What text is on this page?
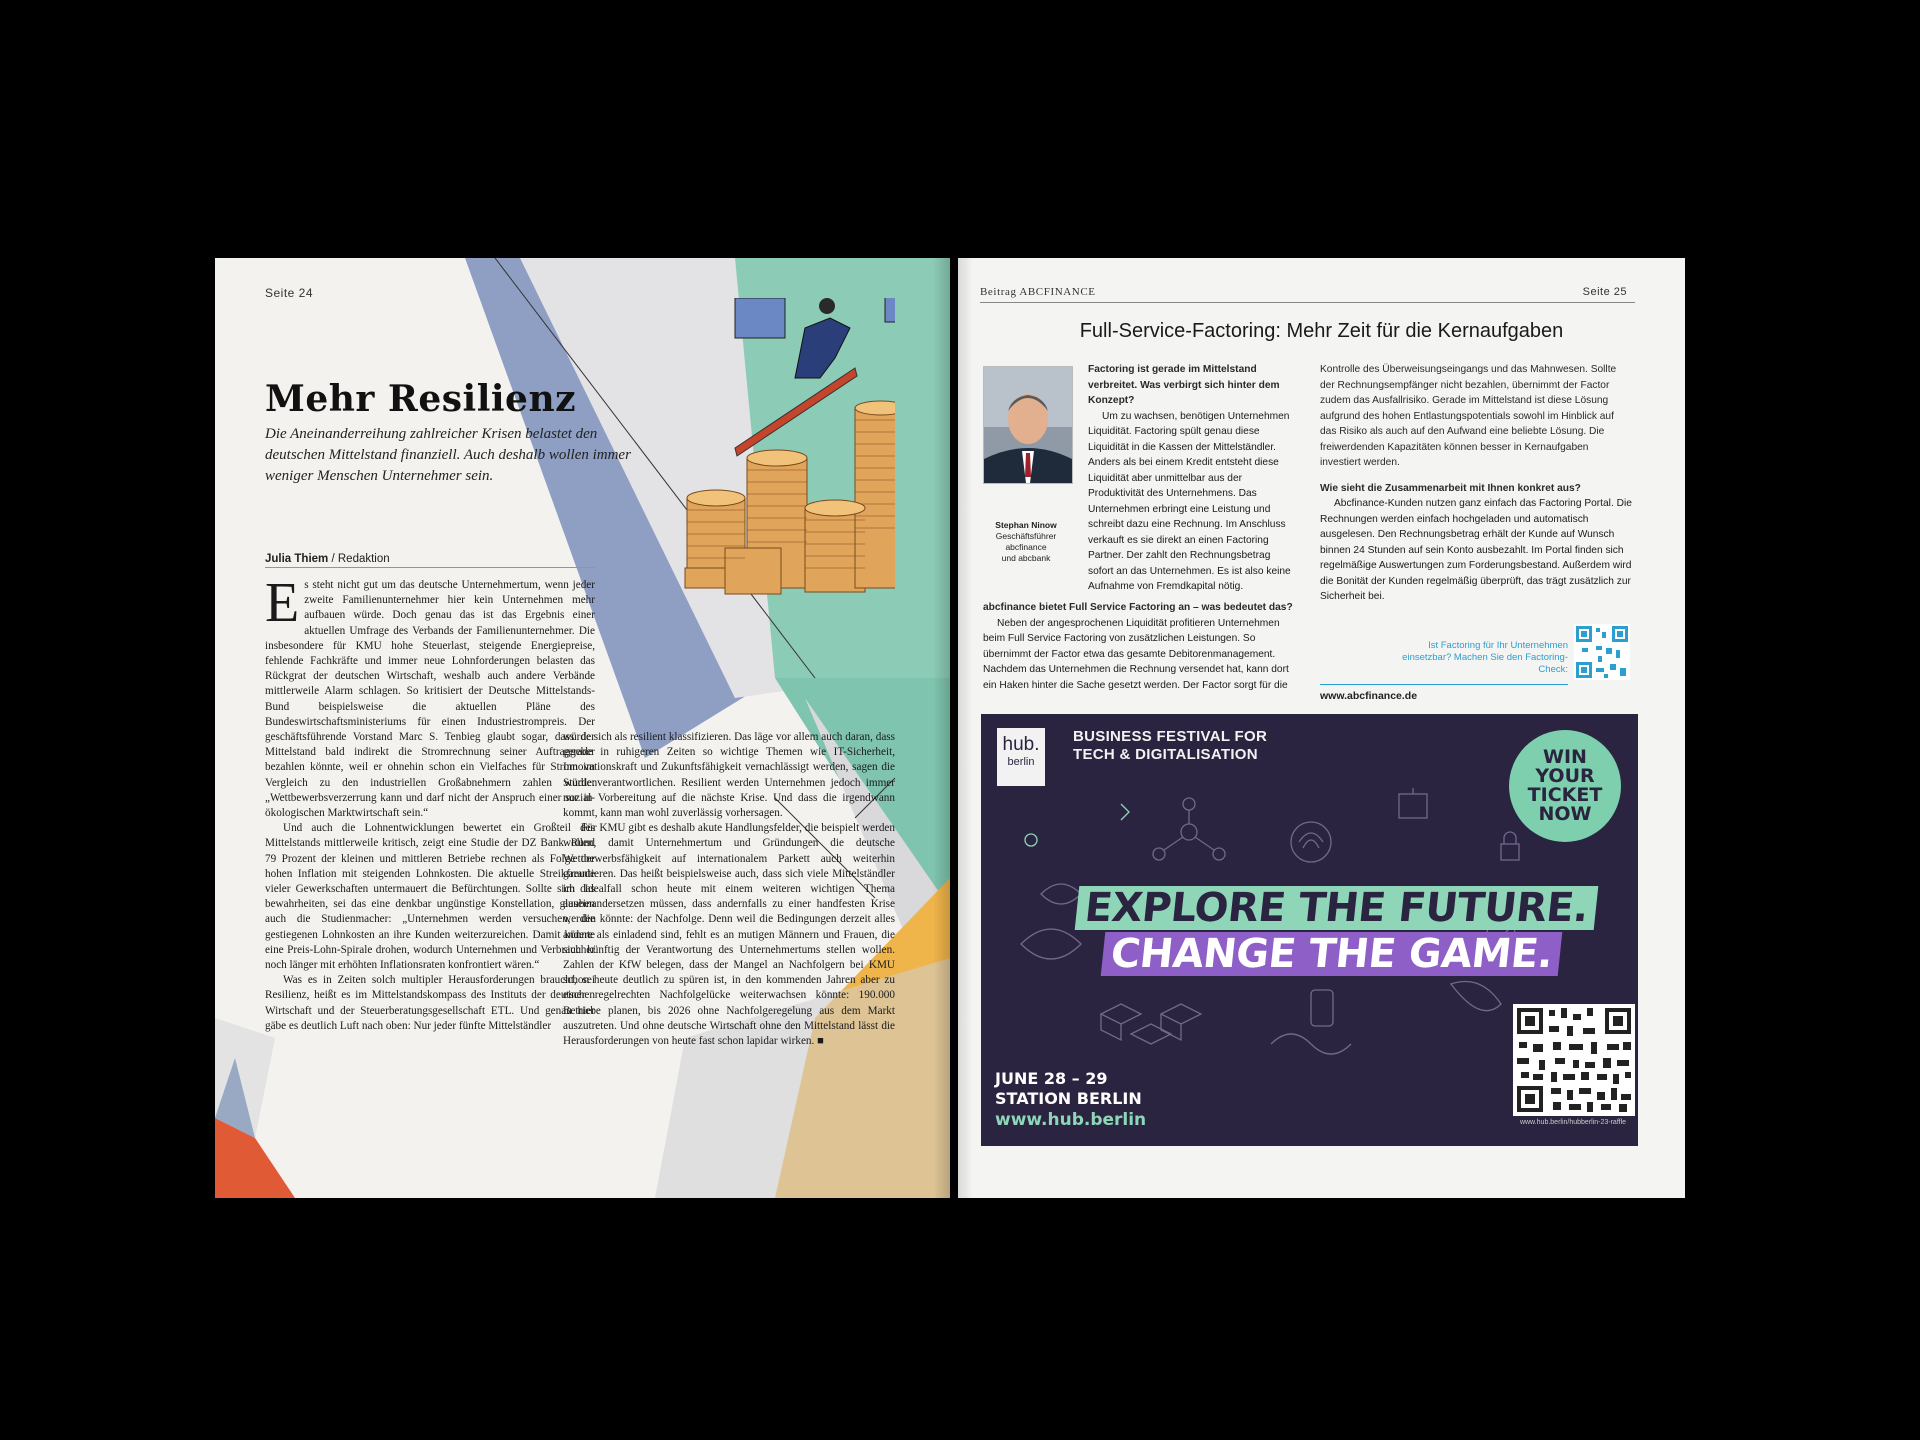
Seite 24
Mehr Resilienz
Die Aneinanderreihung zahlreicher Krisen belastet den deutschen Mittelstand finanziell. Auch deshalb wollen immer weniger Menschen Unternehmer sein.
Julia Thiem / Redaktion

Es steht nicht gut um das deutsche Unternehmertum, wenn jeder zweite Familienunternehmer hier kein Unternehmen mehr aufbauen würde. Doch genau das ist das Ergebnis einer aktuellen Umfrage des Verbands der Familienunternehmer. Die insbesondere für KMU hohe Steuerlast, steigende Energiepreise, fehlende Fachkräfte und immer neue Lohnforderungen belasten das Rückgrat der deutschen Wirtschaft, weshalb auch andere Verbände mittlerweile Alarm schlagen. So kritisiert der Deutsche Mittelstands-Bund beispielsweise die aktuellen Pläne des Bundeswirtschaftsministeriums für einen Industriestrompreis. Der geschäftsführende Vorstand Marc S. Tenbieg glaubt sogar, dass der Mittelstand bald indirekt die Stromrechnung seiner Auftraggeber bezahlen könnte, weil er ohnehin schon ein Vielfaches für Strom im Vergleich zu den industriellen Großabnehmern zahlen würde: „Wettbewerbsverzerrung kann und darf nicht der Anspruch einer sozial-ökologischen Marktwirtschaft sein.“

Und auch die Lohnentwicklungen bewertet ein Großteil des Mittelstands mittlerweile kritisch, zeigt eine Studie der DZ Bank. Rund 79 Prozent der kleinen und mittleren Betriebe rechnen als Folge der hohen Inflation mit steigenden Lohnkosten. Die aktuelle Streikfreude vieler Gewerkschaften untermauert die Befürchtungen. Sollte sich das bewahrheiten, sei das eine denkbar ungünstige Konstellation, glauben auch die Studienmacher: „Unternehmen werden versuchen, die gestiegenen Lohnkosten an ihre Kunden weiterzureichen. Damit könnte eine Preis-Lohn-Spirale drohen, wodurch Unternehmen und Verbraucher noch länger mit erhöhten Inflationsraten konfrontiert wären.“

Was es in Zeiten solch multipler Herausforderungen braucht, sei Resilienz, heißt es im Mittelstandskompass des Instituts der deutschen Wirtschaft und der Steuerberatungsgesellschaft ETL. Und genau hier gäbe es deutlich Luft nach oben: Nur jeder fünfte Mittelständler

würde sich als resilient klassifizieren. Das läge vor allem auch daran, dass gerade in ruhigeren Zeiten so wichtige Themen wie IT-Sicherheit, Innovationskraft und Zukunftsfähigkeit vernachlässigt werden, sagen die Studienverantwortlichen. Resilient werden Unternehmen jedoch immer nur in Vorbereitung auf die nächste Krise. Und dass die irgendwann kommt, kann man wohl zuverlässig vorhersagen.

Für KMU gibt es deshalb akute Handlungsfelder, die beispielt werden wollen, damit Unternehmertum und Gründungen die deutsche Wettbewerbsfähigkeit auf internationalem Parkett auch weiterhin garantieren. Das heißt beispielsweise auch, dass sich viele Mittelständler im Idealfall schon heute mit einem weiteren wichtigen Thema auseinandersetzen müssen, dass andernfalls zu einer handfesten Krise werden könnte: der Nachfolge. Denn weil die Bedingungen derzeit alles andere als einladend sind, fehlt es an mutigen Männern und Frauen, die sich künftig der Verantwortung des Unternehmertums stellen wollen. Zahlen der KfW belegen, dass der Mangel an Nachfolgern bei KMU schon heute deutlich zu spüren ist, in den kommenden Jahren aber zu einer regelrechten Nachfolgelücke weiterwachsen könnte: 190.000 Betriebe planen, bis 2026 ohne Nachfolgeregelung aus dem Markt auszutreten. Und ohne deutsche Wirtschaft ohne den Mittelstand lässt die Herausforderungen von heute fast schon lapidar wirken. ■

Beitrag ABCFINANCE	Seite 25
Full-Service-Factoring: Mehr Zeit für die Kernaufgaben
Stephan Ninow
Geschäftsführer
abcfinance
und abcbank

Factoring ist gerade im Mittelstand verbreitet. Was verbirgt sich hinter dem Konzept?

Um zu wachsen, benötigen Unternehmen Liquidität. Factoring spült genau diese Liquidität in die Kassen der Mittelständler. Anders als bei einem Kredit entsteht diese Liquidität aber unmittelbar aus der Produktivität des Unternehmens. Das Unternehmen erbringt eine Leistung und schreibt dazu eine Rechnung. Im Anschluss verkauft es sie direkt an einen Factoring Partner. Der zahlt den Rechnungsbetrag sofort an das Unternehmen. Es ist also keine Aufnahme von Fremdkapital nötig.

abcfinance bietet Full Service Factoring an – was bedeutet das?

Neben der angesprochenen Liquidität profitieren Unternehmen beim Full Service Factoring von zusätzlichen Leistungen. So übernimmt der Factor etwa das gesamte Debitorenmanagement. Nachdem das Unternehmen die Rechnung versendet hat, kann dort ein Haken hinter die Sache gesetzt werden. Der Factor sorgt für die

Kontrolle des Überweisungseingangs und das Mahnwesen. Sollte der Rechnungsempfänger nicht bezahlen, übernimmt der Factor zudem das Ausfallrisiko. Gerade im Mittelstand ist diese Lösung aufgrund des hohen Entlastungspotentials sowohl im Hinblick auf das Risiko als auch auf den Aufwand eine beliebte Lösung. Die freiwerdenden Kapazitäten können besser in Kernaufgaben investiert werden.

Wie sieht die Zusammenarbeit mit Ihnen konkret aus?

Abcfinance-Kunden nutzen ganz einfach das Factoring Portal. Die Rechnungen werden einfach hochgeladen und automatisch ausgelesen. Den Rechnungsbetrag erhält der Kunde auf Wunsch binnen 24 Stunden auf sein Konto ausbezahlt. Im Portal finden sich regelmäßige Auswertungen zum Forderungsbestand. Außerdem wird die Bonität der Kunden regelmäßig überprüft, das trägt zusätzlich zur Sicherheit bei.

Ist Factoring für Ihr Unternehmen einsetzbar? Machen Sie den Factoring-Check:
www.abcfinance.de
hub.
berlin
BUSINESS FESTIVAL FOR
TECH & DIGITALISATION	WIN
YOUR
TICKET
NOW
EXPLORE THE FUTURE.
CHANGE THE GAME.
JUNE 28 – 29
STATION BERLIN
www.hub.berlin	www.hub.berlin/hubberlin-23-raffle
